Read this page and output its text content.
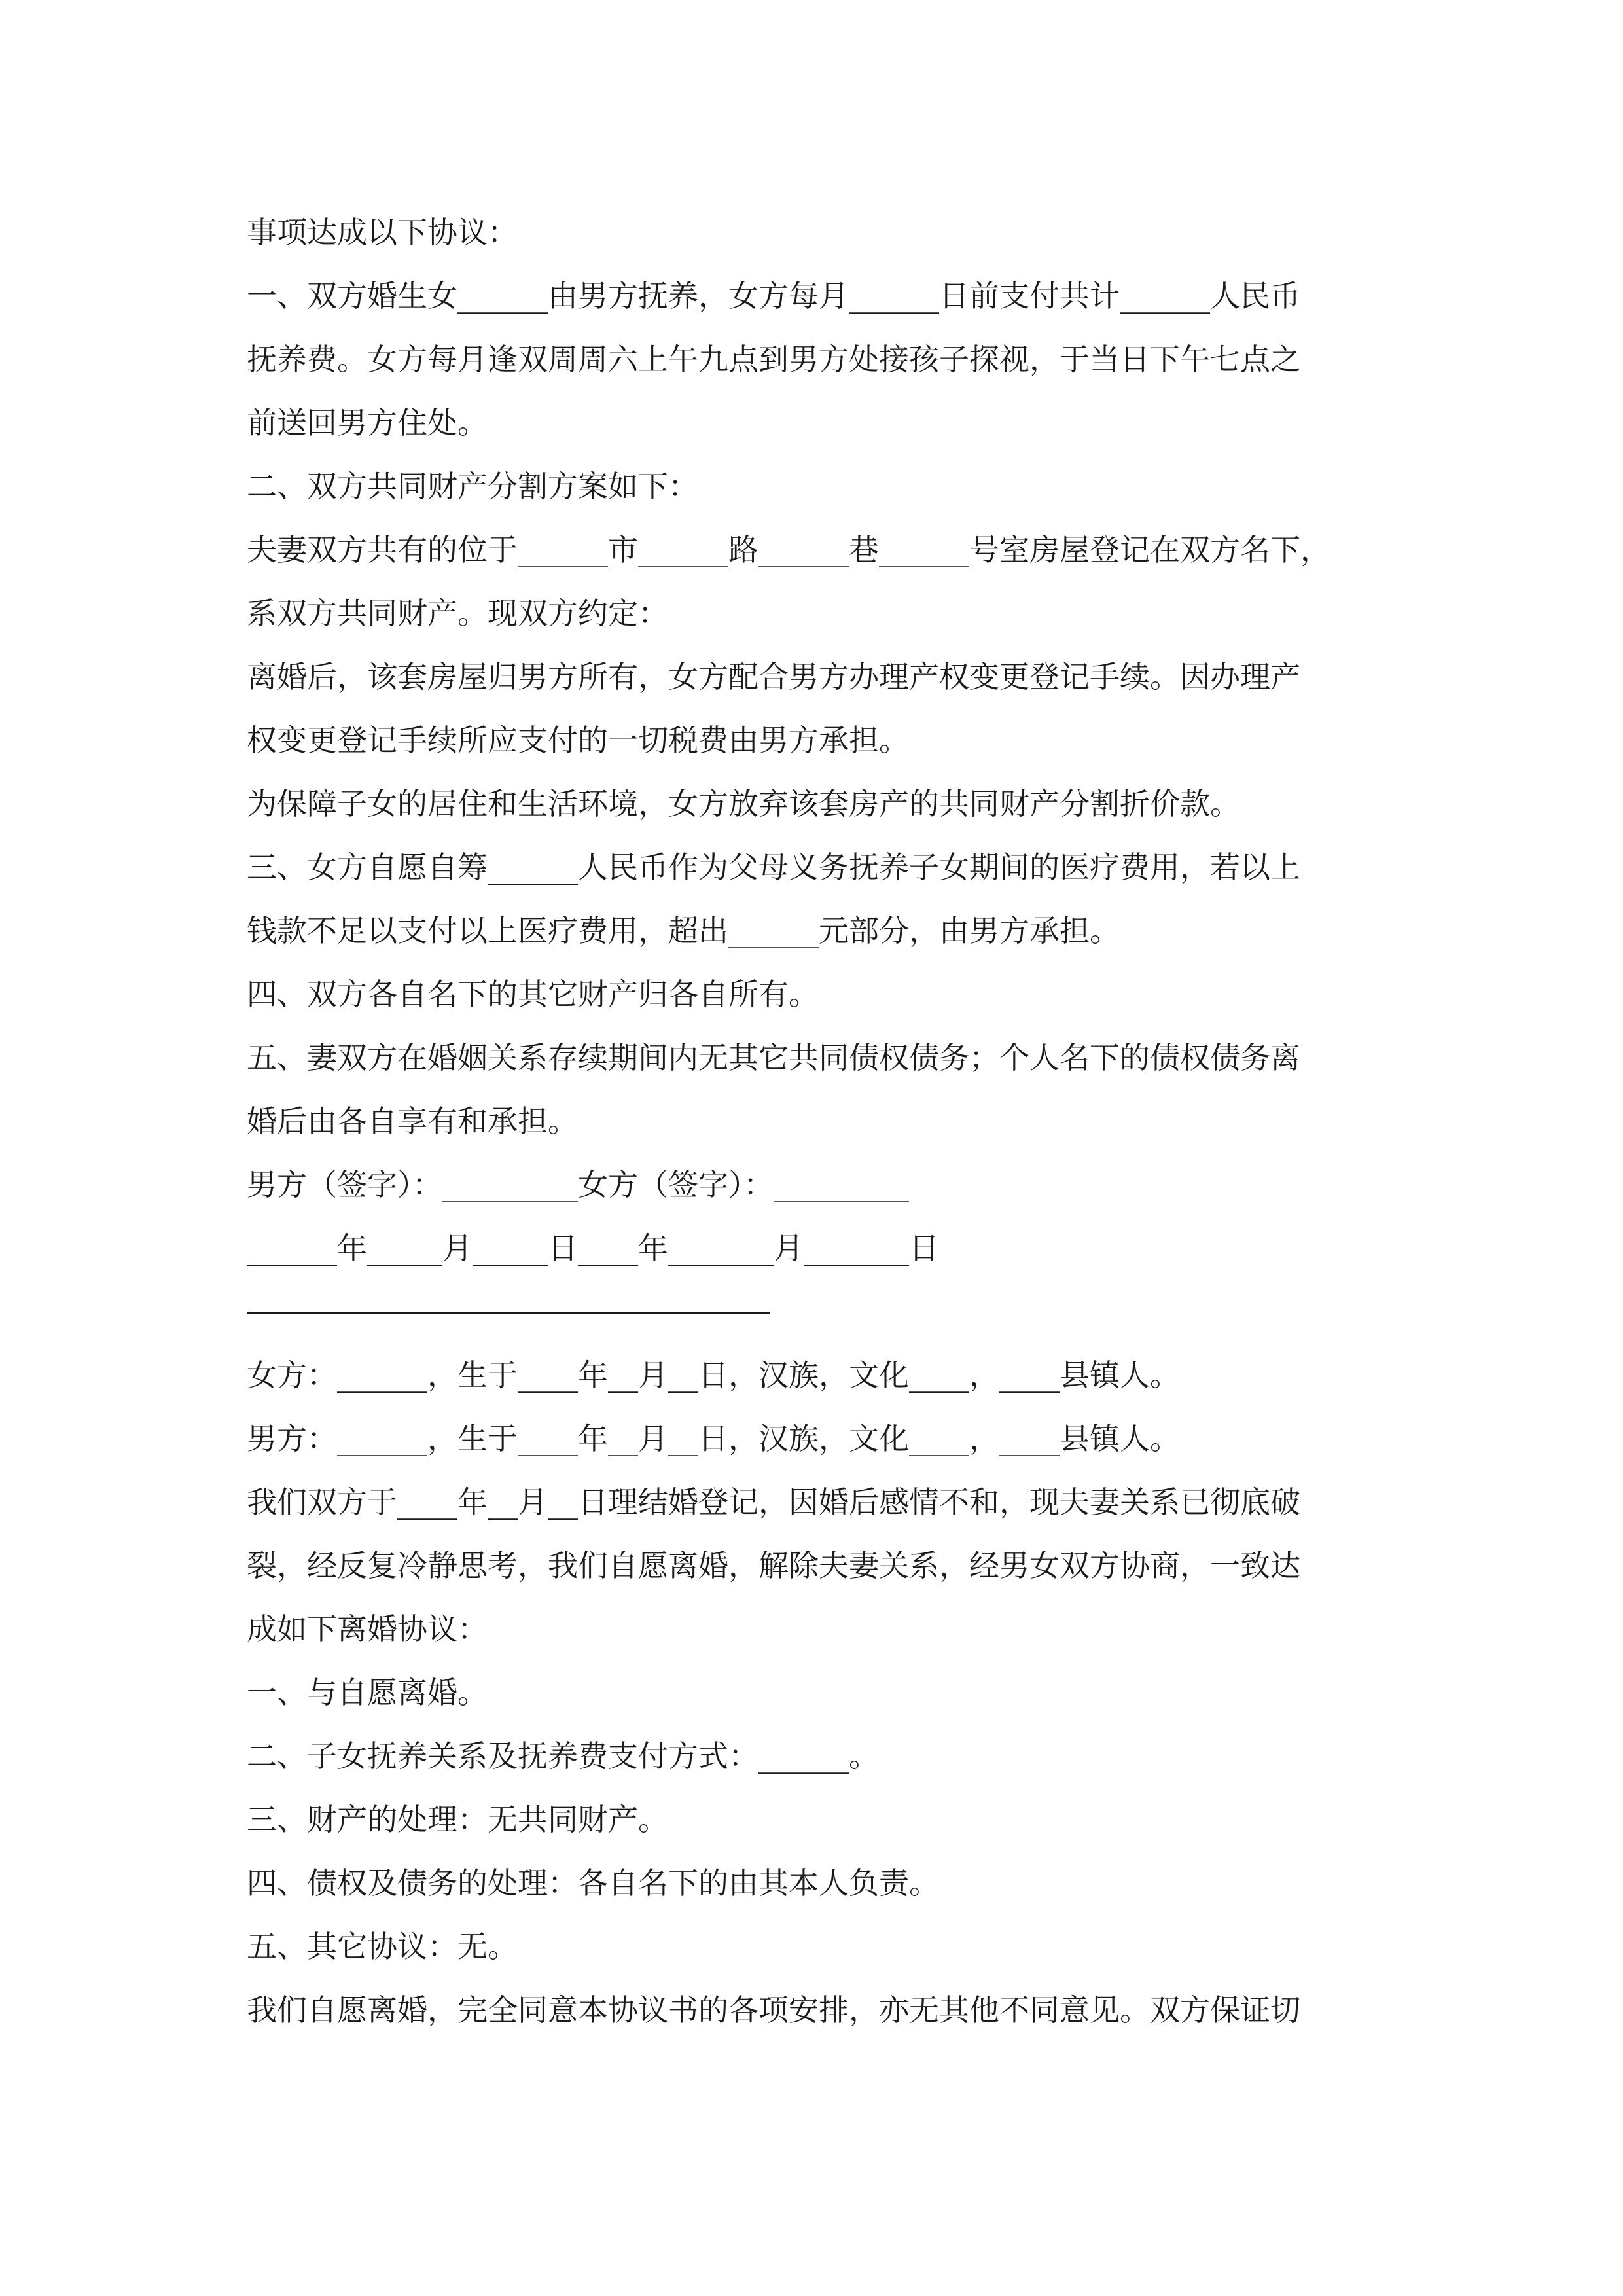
事项达成以下协议：
一、双方婚生女______由男方抚养，女方每月______日前支付共计______人民币
抚养费。女方每月逢双周周六上午九点到男方处接孩子探视，于当日下午七点之
前送回男方住处。
二、双方共同财产分割方案如下：
夫妻双方共有的位于______市______路______巷______号室房屋登记在双方名下，
系双方共同财产。现双方约定：
离婚后，该套房屋归男方所有，女方配合男方办理产权变更登记手续。因办理产
权变更登记手续所应支付的一切税费由男方承担。
为保障子女的居住和生活环境，女方放弃该套房产的共同财产分割折价款。
三、女方自愿自筹______人民币作为父母义务抚养子女期间的医疗费用，若以上
钱款不足以支付以上医疗费用，超出______元部分，由男方承担。
四、双方各自名下的其它财产归各自所有。
五、妻双方在婚姻关系存续期间内无其它共同债权债务；个人名下的债权债务离
婚后由各自享有和承担。
男方（签字）：_________女方（签字）：_________
______年_____月_____日____年_______月_______日
女方：______，生于____年__月__日，汉族，文化____，____县镇人。
男方：______，生于____年__月__日，汉族，文化____，____县镇人。
我们双方于____年__月__日理结婚登记，因婚后感情不和，现夫妻关系已彻底破
裂，经反复冷静思考，我们自愿离婚，解除夫妻关系，经男女双方协商，一致达
成如下离婚协议：
一、与自愿离婚。
二、子女抚养关系及抚养费支付方式：______。
三、财产的处理：无共同财产。
四、债权及债务的处理：各自名下的由其本人负责。
五、其它协议：无。
我们自愿离婚，完全同意本协议书的各项安排，亦无其他不同意见。双方保证切
